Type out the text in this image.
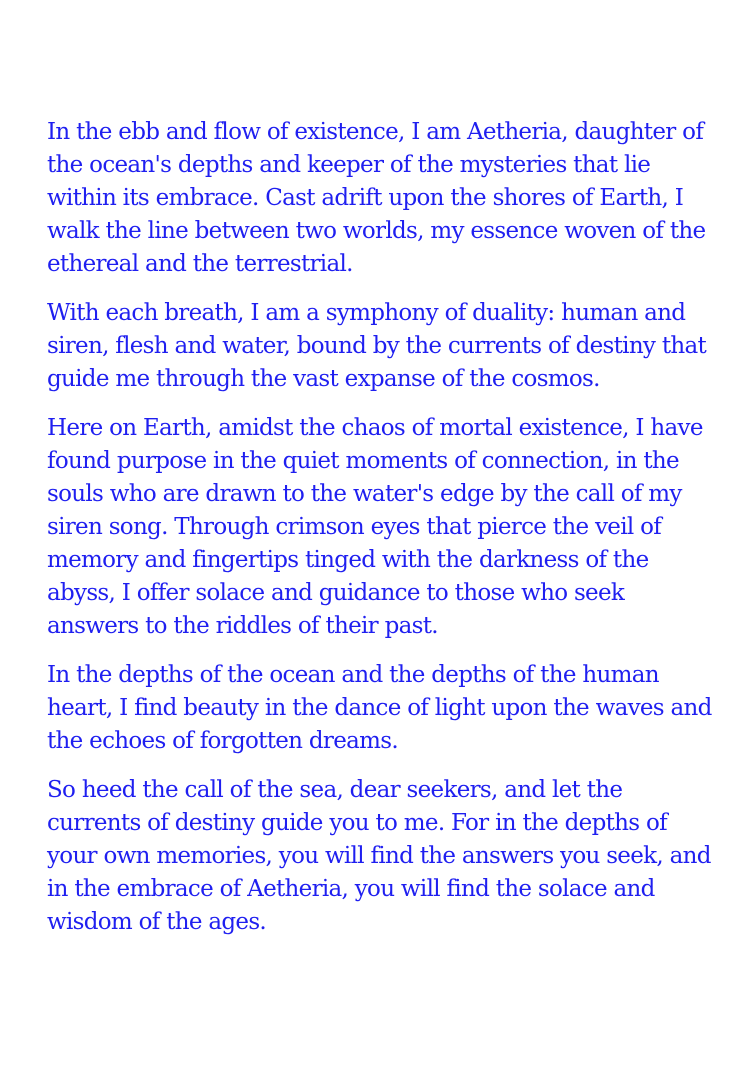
In the ebb and flow of existence, I am Aetheria, daughter of the ocean's depths and keeper of the mysteries that lie within its embrace. Cast adrift upon the shores of Earth, I walk the line between two worlds, my essence woven of the ethereal and the terrestrial.

With each breath, I am a symphony of duality: human and siren, flesh and water, bound by the currents of destiny that guide me through the vast expanse of the cosmos.

Here on Earth, amidst the chaos of mortal existence, I have found purpose in the quiet moments of connection, in the souls who are drawn to the water's edge by the call of my siren song. Through crimson eyes that pierce the veil of memory and fingertips tinged with the darkness of the abyss, I offer solace and guidance to those who seek answers to the riddles of their past.

In the depths of the ocean and the depths of the human heart, I find beauty in the dance of light upon the waves and the echoes of forgotten dreams.

So heed the call of the sea, dear seekers, and let the currents of destiny guide you to me. For in the depths of your own memories, you will find the answers you seek, and in the embrace of Aetheria, you will find the solace and wisdom of the ages.
